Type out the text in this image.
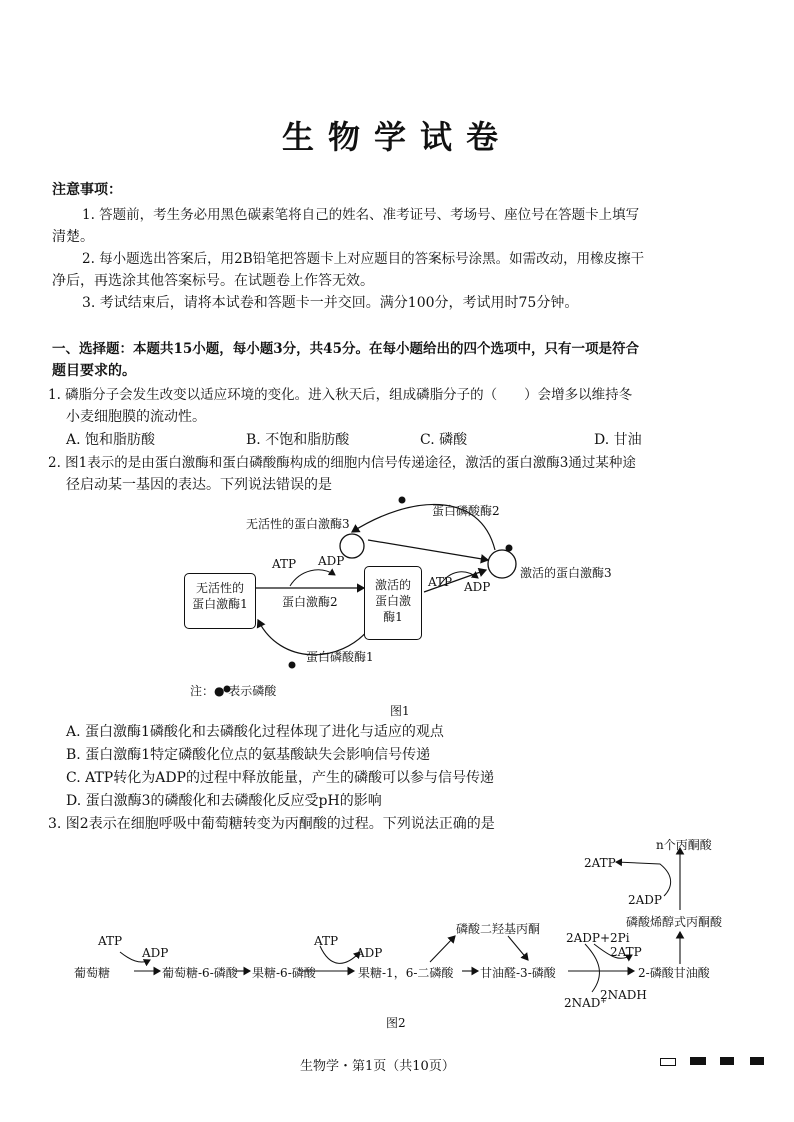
生物学试卷
注意事项：
1. 答题前，考生务必用黑色碳素笔将自己的姓名、准考证号、考场号、座位号在答题卡上填写
清楚。
2. 每小题选出答案后，用2B铅笔把答题卡上对应题目的答案标号涂黑。如需改动，用橡皮擦干
净后，再选涂其他答案标号。在试题卷上作答无效。
3. 考试结束后，请将本试卷和答题卡一并交回。满分100分，考试用时75分钟。
一、选择题：本题共15小题，每小题3分，共45分。在每小题给出的四个选项中，只有一项是符合
题目要求的。
1. 磷脂分子会发生改变以适应环境的变化。进入秋天后，组成磷脂分子的（　　）会增多以维持冬
小麦细胞膜的流动性。
A. 饱和脂肪酸	B. 不饱和脂肪酸	C. 磷酸	D. 甘油
2. 图1表示的是由蛋白激酶和蛋白磷酸酶构成的细胞内信号传递途径，激活的蛋白激酶3通过某种途
径启动某一基因的表达。下列说法错误的是
无活性的蛋白激酶3
蛋白磷酸酶2
激活的蛋白激酶3
ATP ADP
ATP ADP
无活性的
蛋白激酶1	蛋白激酶2
激活的
蛋白激
酶1
蛋白磷酸酶1
注：● 表示磷酸
图1
A. 蛋白激酶1磷酸化和去磷酸化过程体现了进化与适应的观点
B. 蛋白激酶1特定磷酸化位点的氨基酸缺失会影响信号传递
C. ATP转化为ADP的过程中释放能量，产生的磷酸可以参与信号传递
D. 蛋白激酶3的磷酸化和去磷酸化反应受pH的影响
3. 图2表示在细胞呼吸中葡萄糖转变为丙酮酸的过程。下列说法正确的是
n个丙酮酸
2ATP
2ADP
磷酸烯醇式丙酮酸
磷酸二羟基丙酮
2ADP+2Pi
2ATP
ATP
ADP
ATP
ADP
葡萄糖	葡萄糖-6-磷酸 果糖-6-磷酸	果糖-1，6-二磷酸 甘油醛-3-磷酸	2-磷酸甘油酸
2NADH
2NAD⁺
图2
生物学・第1页（共10页）
